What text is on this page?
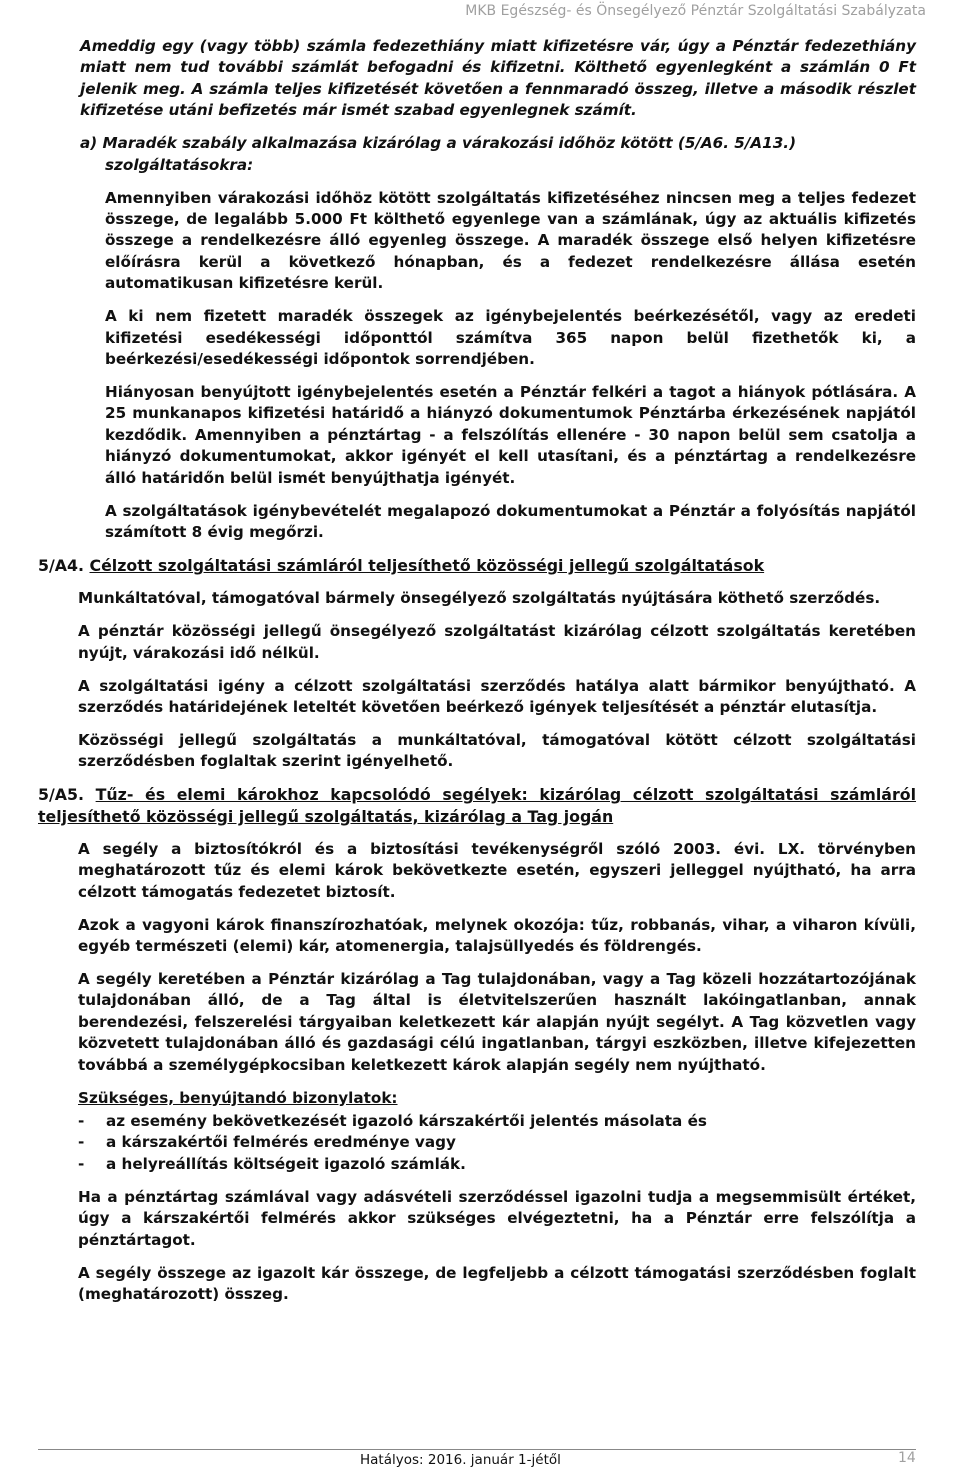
MKB Egészség- és Önsegélyező Pénztár Szolgáltatási Szabályzata

Ameddig egy (vagy több) számla fedezethiány miatt kifizetésre vár, úgy a Pénztár fedezethiány miatt nem tud további számlát befogadni és kifizetni. Költhető egyenlegként a számlán 0 Ft jelenik meg. A számla teljes kifizetését követően a fennmaradó összeg, illetve a második részlet kifizetése utáni befizetés már ismét szabad egyenlegnek számít.

a) Maradék szabály alkalmazása kizárólag a várakozási időhöz kötött (5/A6. 5/A13.) szolgáltatásokra:

Amennyiben várakozási időhöz kötött szolgáltatás kifizetéséhez nincsen meg a teljes fedezet összege, de legalább 5.000 Ft költhető egyenlege van a számlának, úgy az aktuális kifizetés összege a rendelkezésre álló egyenleg összege. A maradék összege első helyen kifizetésre előírásra kerül a következő hónapban, és a fedezet rendelkezésre állása esetén automatikusan kifizetésre kerül.

A ki nem fizetett maradék összegek az igénybejelentés beérkezésétől, vagy az eredeti kifizetési esedékességi időponttól számítva 365 napon belül fizethetők ki, a beérkezési/esedékességi időpontok sorrendjében.

Hiányosan benyújtott igénybejelentés esetén a Pénztár felkéri a tagot a hiányok pótlására. A 25 munkanapos kifizetési határidő a hiányzó dokumentumok Pénztárba érkezésének napjától kezdődik. Amennyiben a pénztártag - a felszólítás ellenére - 30 napon belül sem csatolja a hiányzó dokumentumokat, akkor igényét el kell utasítani, és a pénztártag a rendelkezésre álló határidőn belül ismét benyújthatja igényét.

A szolgáltatások igénybevételét megalapozó dokumentumokat a Pénztár a folyósítás napjától számított 8 évig megőrzi.

5/A4. Célzott szolgáltatási számláról teljesíthető közösségi jellegű szolgáltatások

Munkáltatóval, támogatóval bármely önsegélyező szolgáltatás nyújtására köthető szerződés.

A pénztár közösségi jellegű önsegélyező szolgáltatást kizárólag célzott szolgáltatás keretében nyújt, várakozási idő nélkül.

A szolgáltatási igény a célzott szolgáltatási szerződés hatálya alatt bármikor benyújtható. A szerződés határidejének leteltét követően beérkező igények teljesítését a pénztár elutasítja.

Közösségi jellegű szolgáltatás a munkáltatóval, támogatóval kötött célzott szolgáltatási szerződésben foglaltak szerint igényelhető.

5/A5. Tűz- és elemi károkhoz kapcsolódó segélyek: kizárólag célzott szolgáltatási számláról teljesíthető közösségi jellegű szolgáltatás, kizárólag a Tag jogán

A segély a biztosítókról és a biztosítási tevékenységről szóló 2003. évi. LX. törvényben meghatározott tűz és elemi károk bekövetkezte esetén, egyszeri jelleggel nyújtható, ha arra célzott támogatás fedezetet biztosít.

Azok a vagyoni károk finanszírozhatóak, melynek okozója: tűz, robbanás, vihar, a viharon kívüli, egyéb természeti (elemi) kár, atomenergia, talajsüllyedés és földrengés.

A segély keretében a Pénztár kizárólag a Tag tulajdonában, vagy a Tag közeli hozzátartozójának tulajdonában álló, de a Tag által is életvitelszerűen használt lakóingatlanban, annak berendezési, felszerelési tárgyaiban keletkezett kár alapján nyújt segélyt. A Tag közvetlen vagy közvetett tulajdonában álló és gazdasági célú ingatlanban, tárgyi eszközben, illetve kifejezetten továbbá a személygépkocsiban keletkezett károk alapján segély nem nyújtható.

Szükséges, benyújtandó bizonylatok:
-	az esemény bekövetkezését igazoló kárszakértői jelentés másolata és
-	a kárszakértői felmérés eredménye vagy
-	a helyreállítás költségeit igazoló számlák.

Ha a pénztártag számlával vagy adásvételi szerződéssel igazolni tudja a megsemmisült értéket, úgy a kárszakértői felmérés akkor szükséges elvégeztetni, ha a Pénztár erre felszólítja a pénztártagot.

A segély összege az igazolt kár összege, de legfeljebb a célzott támogatási szerződésben foglalt (meghatározott) összeg.

Hatályos: 2016. január 1-jétől	14
